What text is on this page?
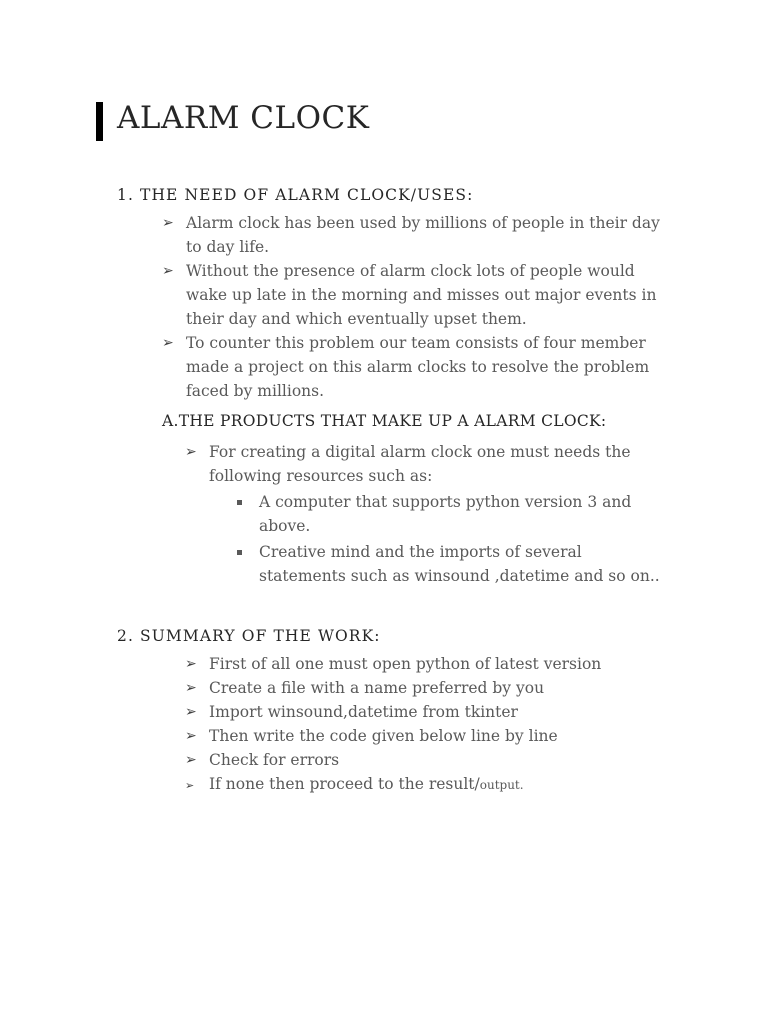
ALARM CLOCK
1. THE NEED OF ALARM CLOCK/USES:
➢ Alarm clock has been used by millions of people in their day
to day life.
➢ Without the presence of alarm clock lots of people would
wake up late in the morning and misses out major events in
their day and which eventually upset them.
➢ To counter this problem our team consists of four member
made a project on this alarm clocks to resolve the problem
faced by millions.
A.THE PRODUCTS THAT MAKE UP A ALARM CLOCK:
➢ For creating a digital alarm clock one must needs the
following resources such as:
A computer that supports python version 3 and
above.
Creative mind and the imports of several
statements such as winsound ,datetime and so on..
2. SUMMARY OF THE WORK:
➢ First of all one must open python of latest version
➢ Create a file with a name preferred by you
➢ Import winsound,datetime from tkinter
➢ Then write the code given below line by line
➢ Check for errors
➢ If none then proceed to the result/output.
